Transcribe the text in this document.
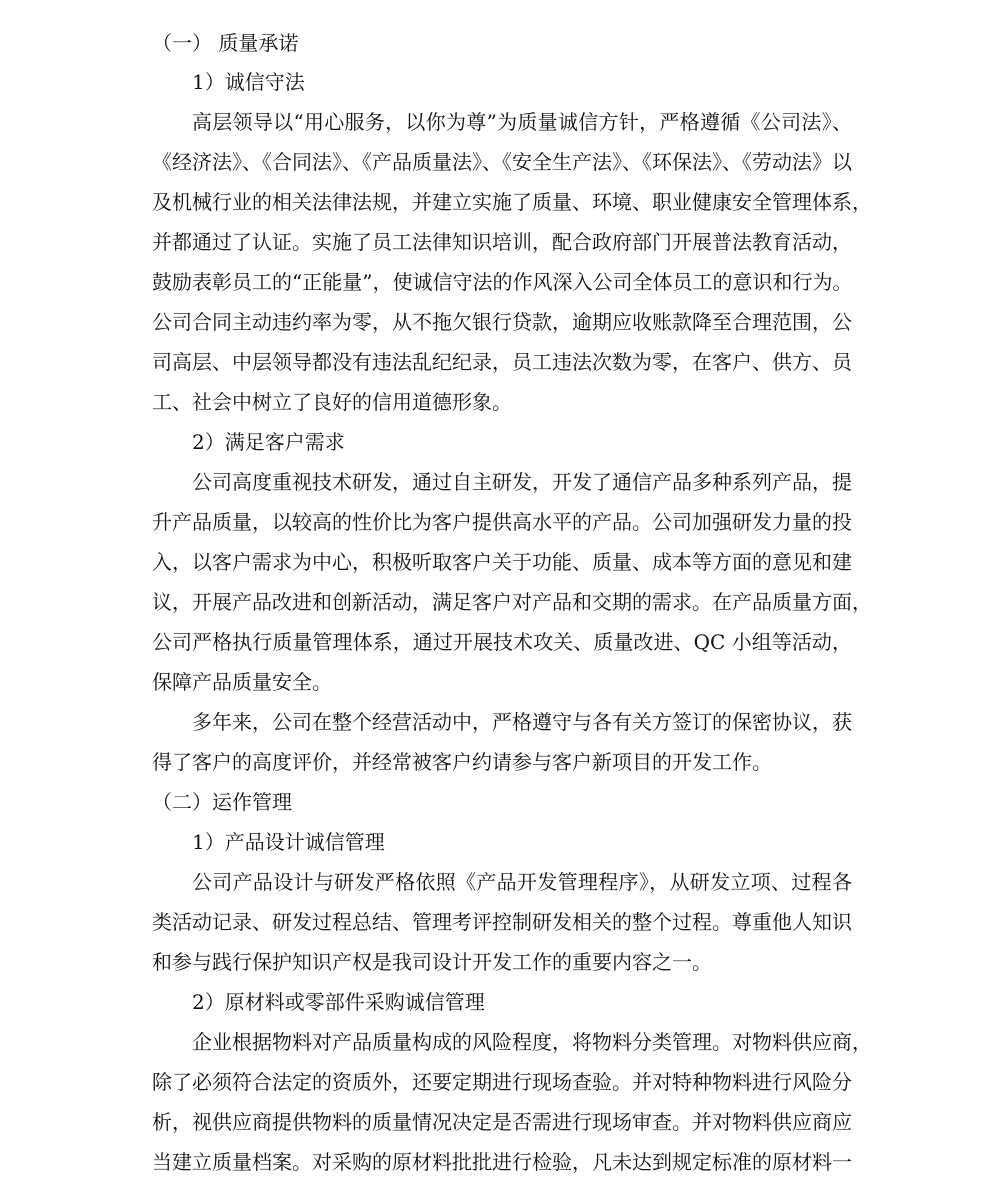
（一） 质量承诺
1）诚信守法
高层领导以“用心服务，以你为尊”为质量诚信方针，严格遵循《公司法》、
《经济法》、《合同法》、《产品质量法》、《安全生产法》、《环保法》、《劳动法》以
及机械行业的相关法律法规，并建立实施了质量、环境、职业健康安全管理体系，
并都通过了认证。实施了员工法律知识培训，配合政府部门开展普法教育活动，
鼓励表彰员工的“正能量”，使诚信守法的作风深入公司全体员工的意识和行为。
公司合同主动违约率为零，从不拖欠银行贷款，逾期应收账款降至合理范围，公
司高层、中层领导都没有违法乱纪纪录，员工违法次数为零，在客户、供方、员
工、社会中树立了良好的信用道德形象。
2）满足客户需求
公司高度重视技术研发，通过自主研发，开发了通信产品多种系列产品，提
升产品质量，以较高的性价比为客户提供高水平的产品。公司加强研发力量的投
入，以客户需求为中心，积极听取客户关于功能、质量、成本等方面的意见和建
议，开展产品改进和创新活动，满足客户对产品和交期的需求。在产品质量方面，
公司严格执行质量管理体系，通过开展技术攻关、质量改进、QC 小组等活动，
保障产品质量安全。
多年来，公司在整个经营活动中，严格遵守与各有关方签订的保密协议，获
得了客户的高度评价，并经常被客户约请参与客户新项目的开发工作。
（二）运作管理
1）产品设计诚信管理
公司产品设计与研发严格依照《产品开发管理程序》，从研发立项、过程各
类活动记录、研发过程总结、管理考评控制研发相关的整个过程。尊重他人知识
和参与践行保护知识产权是我司设计开发工作的重要内容之一。
2）原材料或零部件采购诚信管理
企业根据物料对产品质量构成的风险程度，将物料分类管理。对物料供应商，
除了必须符合法定的资质外，还要定期进行现场查验。并对特种物料进行风险分
析，视供应商提供物料的质量情况决定是否需进行现场审查。并对物料供应商应
当建立质量档案。对采购的原材料批批进行检验，凡未达到规定标准的原材料一
